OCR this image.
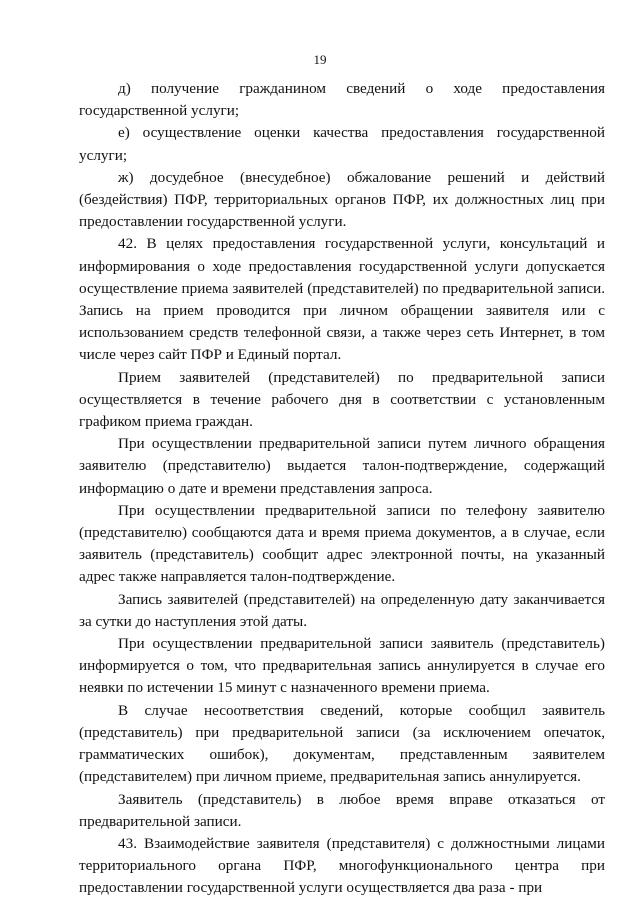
19

д) получение гражданином сведений о ходе предоставления государственной услуги;

е) осуществление оценки качества предоставления государственной услуги;

ж) досудебное (внесудебное) обжалование решений и действий (бездействия) ПФР, территориальных органов ПФР, их должностных лиц при предоставлении государственной услуги.

42. В целях предоставления государственной услуги, консультаций и информирования о ходе предоставления государственной услуги допускается осуществление приема заявителей (представителей) по предварительной записи. Запись на прием проводится при личном обращении заявителя или с использованием средств телефонной связи, а также через сеть Интернет, в том числе через сайт ПФР и Единый портал.

Прием заявителей (представителей) по предварительной записи осуществляется в течение рабочего дня в соответствии с установленным графиком приема граждан.

При осуществлении предварительной записи путем личного обращения заявителю (представителю) выдается талон-подтверждение, содержащий информацию о дате и времени представления запроса.

При осуществлении предварительной записи по телефону заявителю (представителю) сообщаются дата и время приема документов, а в случае, если заявитель (представитель) сообщит адрес электронной почты, на указанный адрес также направляется талон-подтверждение.

Запись заявителей (представителей) на определенную дату заканчивается за сутки до наступления этой даты.

При осуществлении предварительной записи заявитель (представитель) информируется о том, что предварительная запись аннулируется в случае его неявки по истечении 15 минут с назначенного времени приема.

В случае несоответствия сведений, которые сообщил заявитель (представитель) при предварительной записи (за исключением опечаток, грамматических ошибок), документам, представленным заявителем (представителем) при личном приеме, предварительная запись аннулируется.

Заявитель (представитель) в любое время вправе отказаться от предварительной записи.

43. Взаимодействие заявителя (представителя) с должностными лицами территориального органа ПФР, многофункционального центра при предоставлении государственной услуги осуществляется два раза - при
